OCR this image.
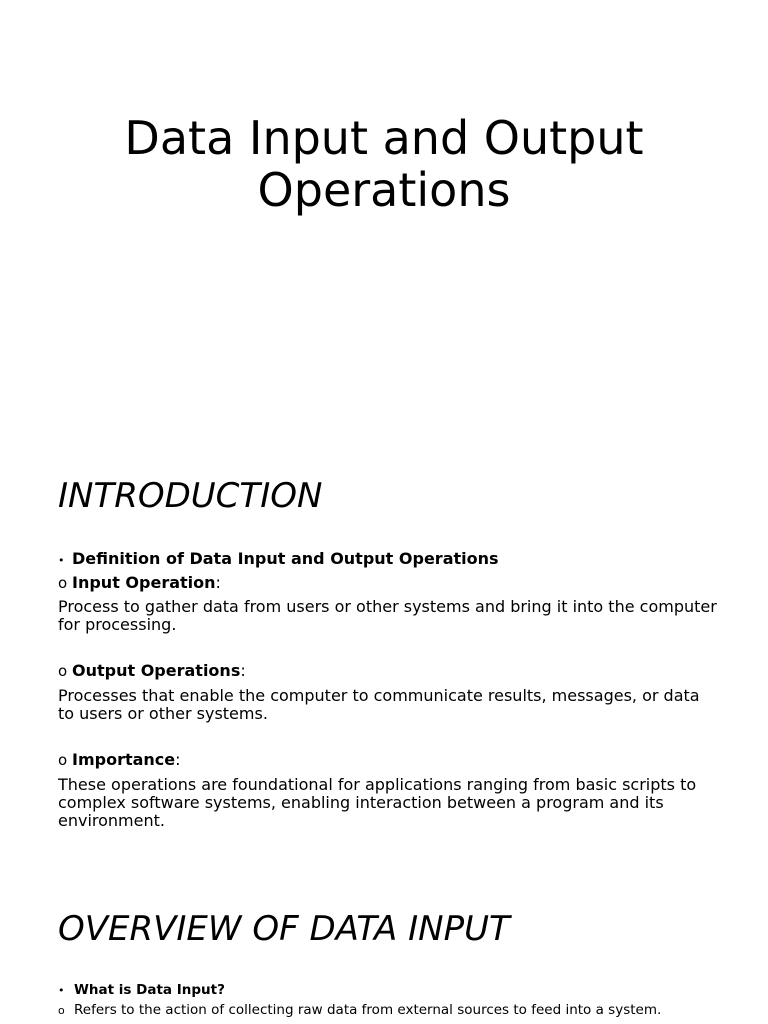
Data Input and Output
Operations
INTRODUCTION
• Definition of Data Input and Output Operations
o Input Operation:
Process to gather data from users or other systems and bring it into the computer for processing.
o Output Operations:
Processes that enable the computer to communicate results, messages, or data to users or other systems.
o Importance:
These operations are foundational for applications ranging from basic scripts to complex software systems, enabling interaction between a program and its environment.
OVERVIEW OF DATA INPUT
• What is Data Input?
o Refers to the action of collecting raw data from external sources to feed into a system.
